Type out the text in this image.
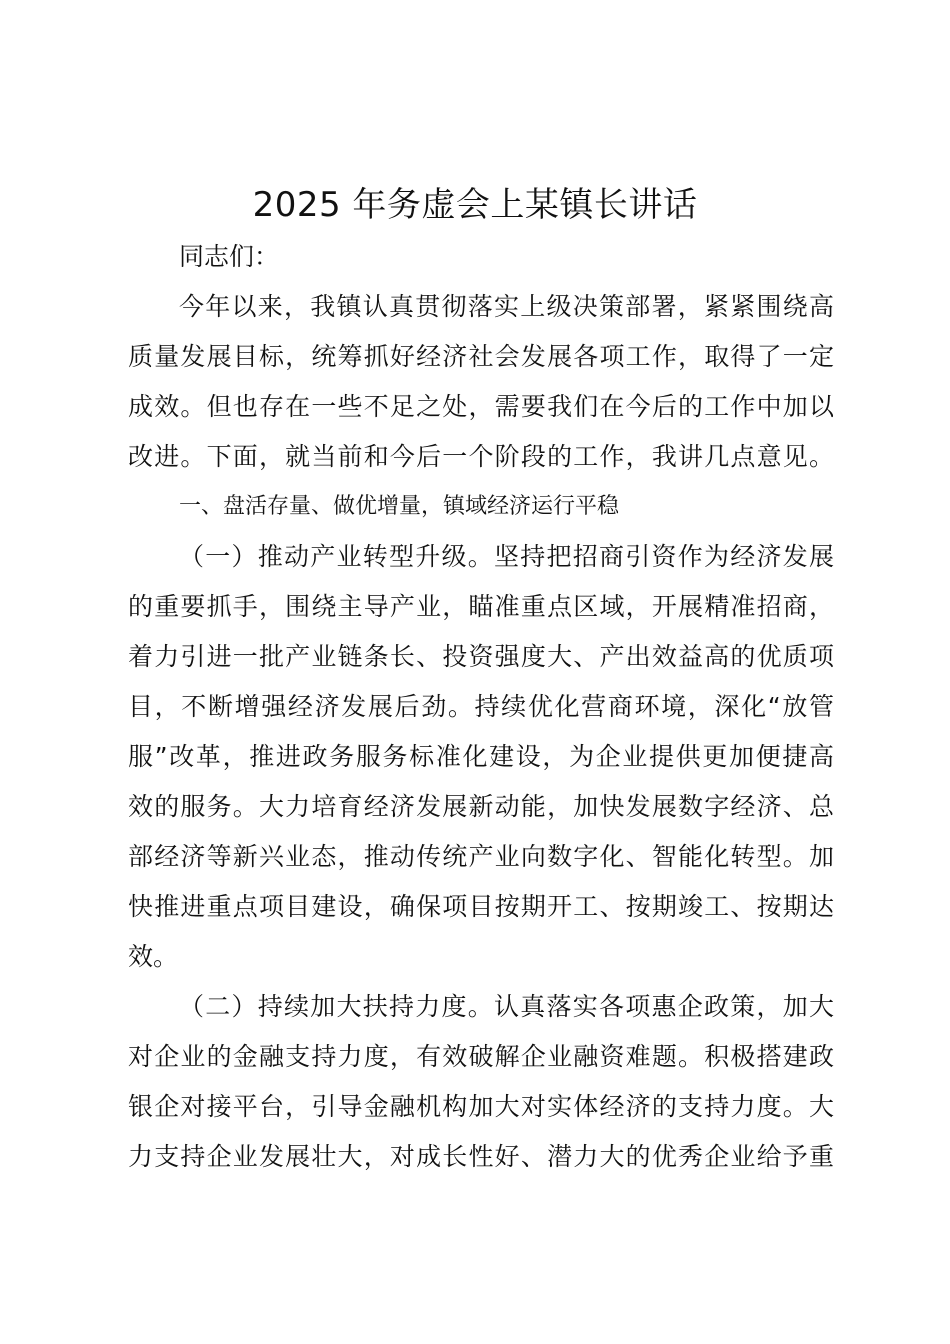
2025 年务虚会上某镇长讲话
同志们：
今年以来，我镇认真贯彻落实上级决策部署，紧紧围绕高
质量发展目标，统筹抓好经济社会发展各项工作，取得了一定
成效。但也存在一些不足之处，需要我们在今后的工作中加以
改进。下面，就当前和今后一个阶段的工作，我讲几点意见。
一、盘活存量、做优增量，镇域经济运行平稳
（一）推动产业转型升级。坚持把招商引资作为经济发展
的重要抓手，围绕主导产业，瞄准重点区域，开展精准招商，
着力引进一批产业链条长、投资强度大、产出效益高的优质项
目，不断增强经济发展后劲。持续优化营商环境，深化“放管
服”改革，推进政务服务标准化建设，为企业提供更加便捷高
效的服务。大力培育经济发展新动能，加快发展数字经济、总
部经济等新兴业态，推动传统产业向数字化、智能化转型。加
快推进重点项目建设，确保项目按期开工、按期竣工、按期达
效。
（二）持续加大扶持力度。认真落实各项惠企政策，加大
对企业的金融支持力度，有效破解企业融资难题。积极搭建政
银企对接平台，引导金融机构加大对实体经济的支持力度。大
力支持企业发展壮大，对成长性好、潜力大的优秀企业给予重
